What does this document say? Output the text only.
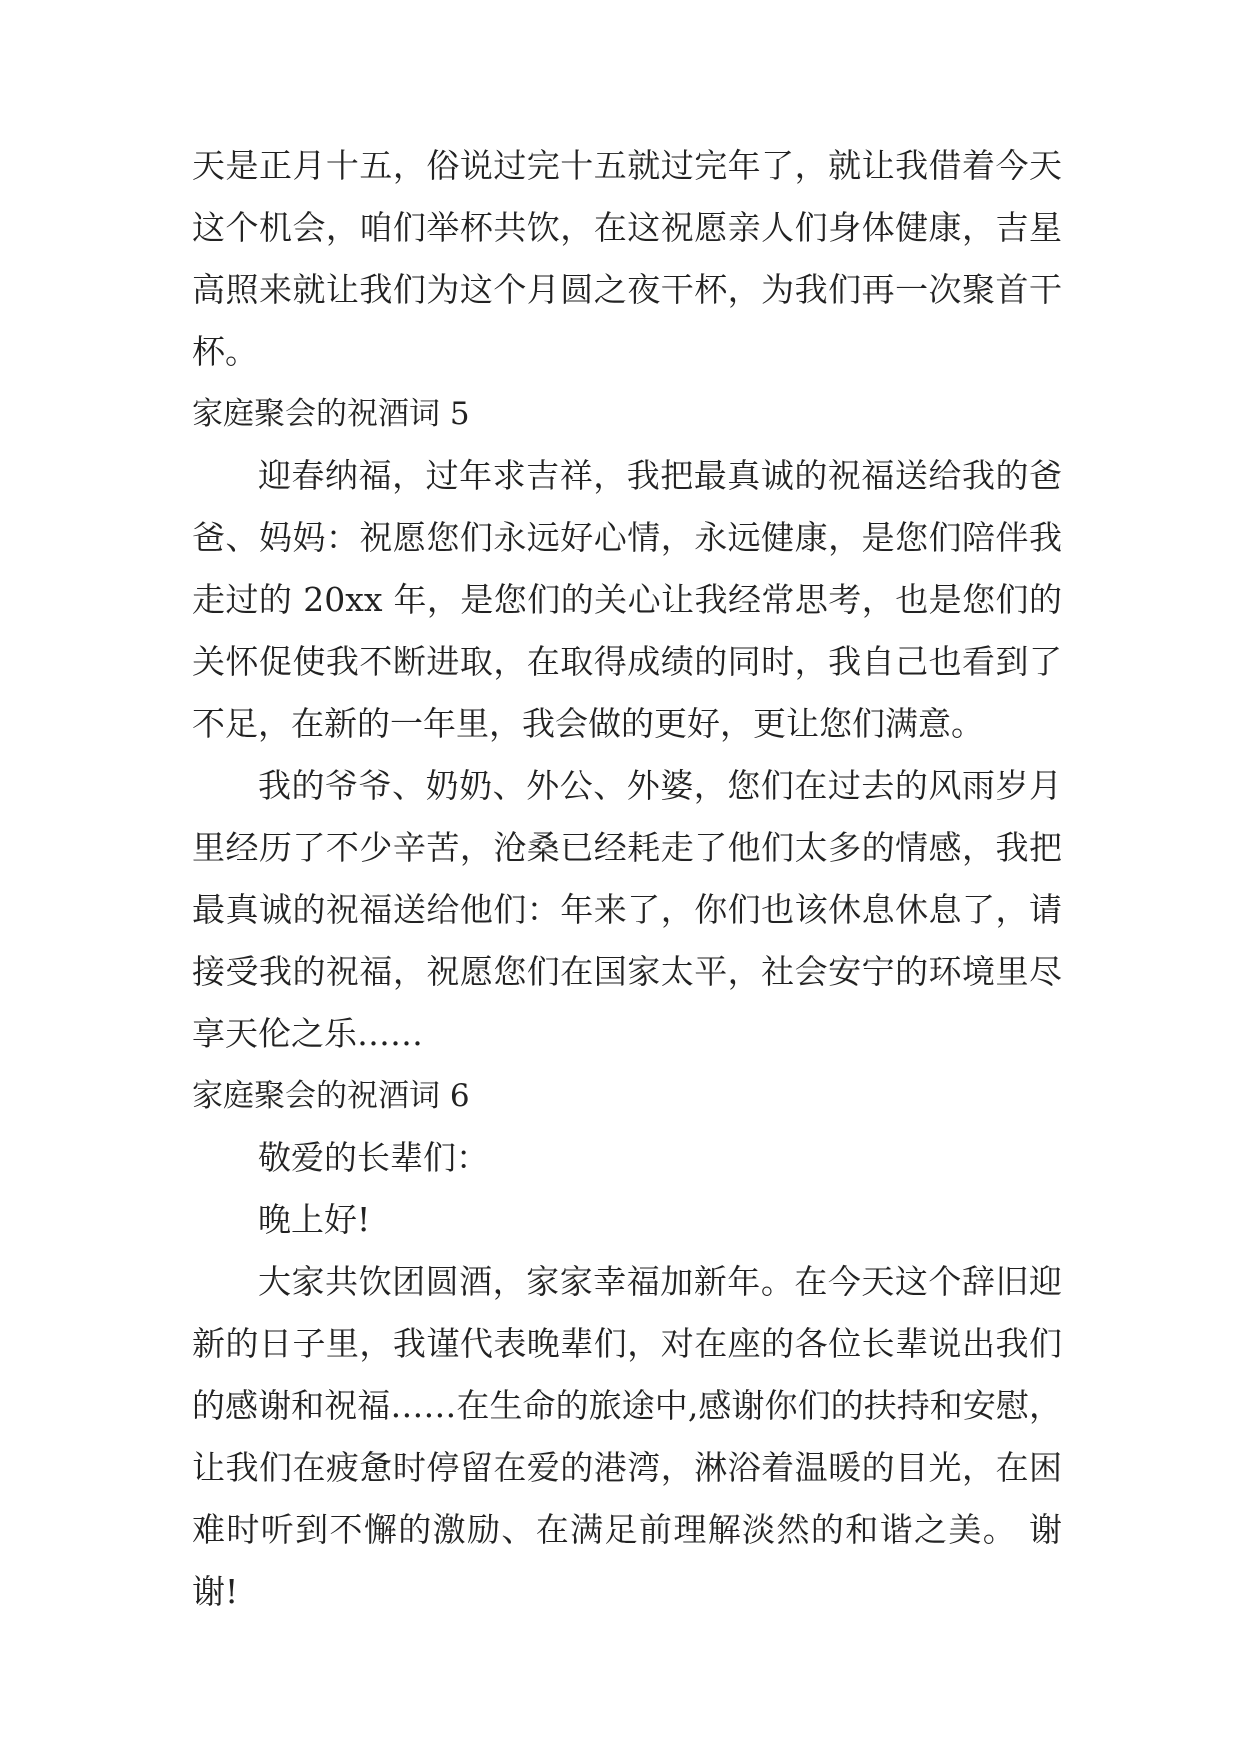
天是正月十五，俗说过完十五就过完年了，就让我借着今天

这个机会，咱们举杯共饮，在这祝愿亲人们身体健康，吉星

高照来就让我们为这个月圆之夜干杯，为我们再一次聚首干

杯。

家庭聚会的祝酒词 5

迎春纳福，过年求吉祥，我把最真诚的祝福送给我的爸

爸、妈妈：祝愿您们永远好心情，永远健康，是您们陪伴我

走过的 20xx 年，是您们的关心让我经常思考，也是您们的

关怀促使我不断进取，在取得成绩的同时，我自己也看到了

不足，在新的一年里，我会做的更好，更让您们满意。

我的爷爷、奶奶、外公、外婆，您们在过去的风雨岁月

里经历了不少辛苦，沧桑已经耗走了他们太多的情感，我把

最真诚的祝福送给他们：年来了，你们也该休息休息了，请

接受我的祝福，祝愿您们在国家太平，社会安宁的环境里尽

享天伦之乐……

家庭聚会的祝酒词 6

敬爱的长辈们：

晚上好!

大家共饮团圆酒，家家幸福加新年。在今天这个辞旧迎

新的日子里，我谨代表晚辈们，对在座的各位长辈说出我们

的感谢和祝福……在生命的旅途中,感谢你们的扶持和安慰，

让我们在疲惫时停留在爱的港湾，淋浴着温暖的目光，在困

难时听到不懈的激励、在满足前理解淡然的和谐之美。 谢

谢!
